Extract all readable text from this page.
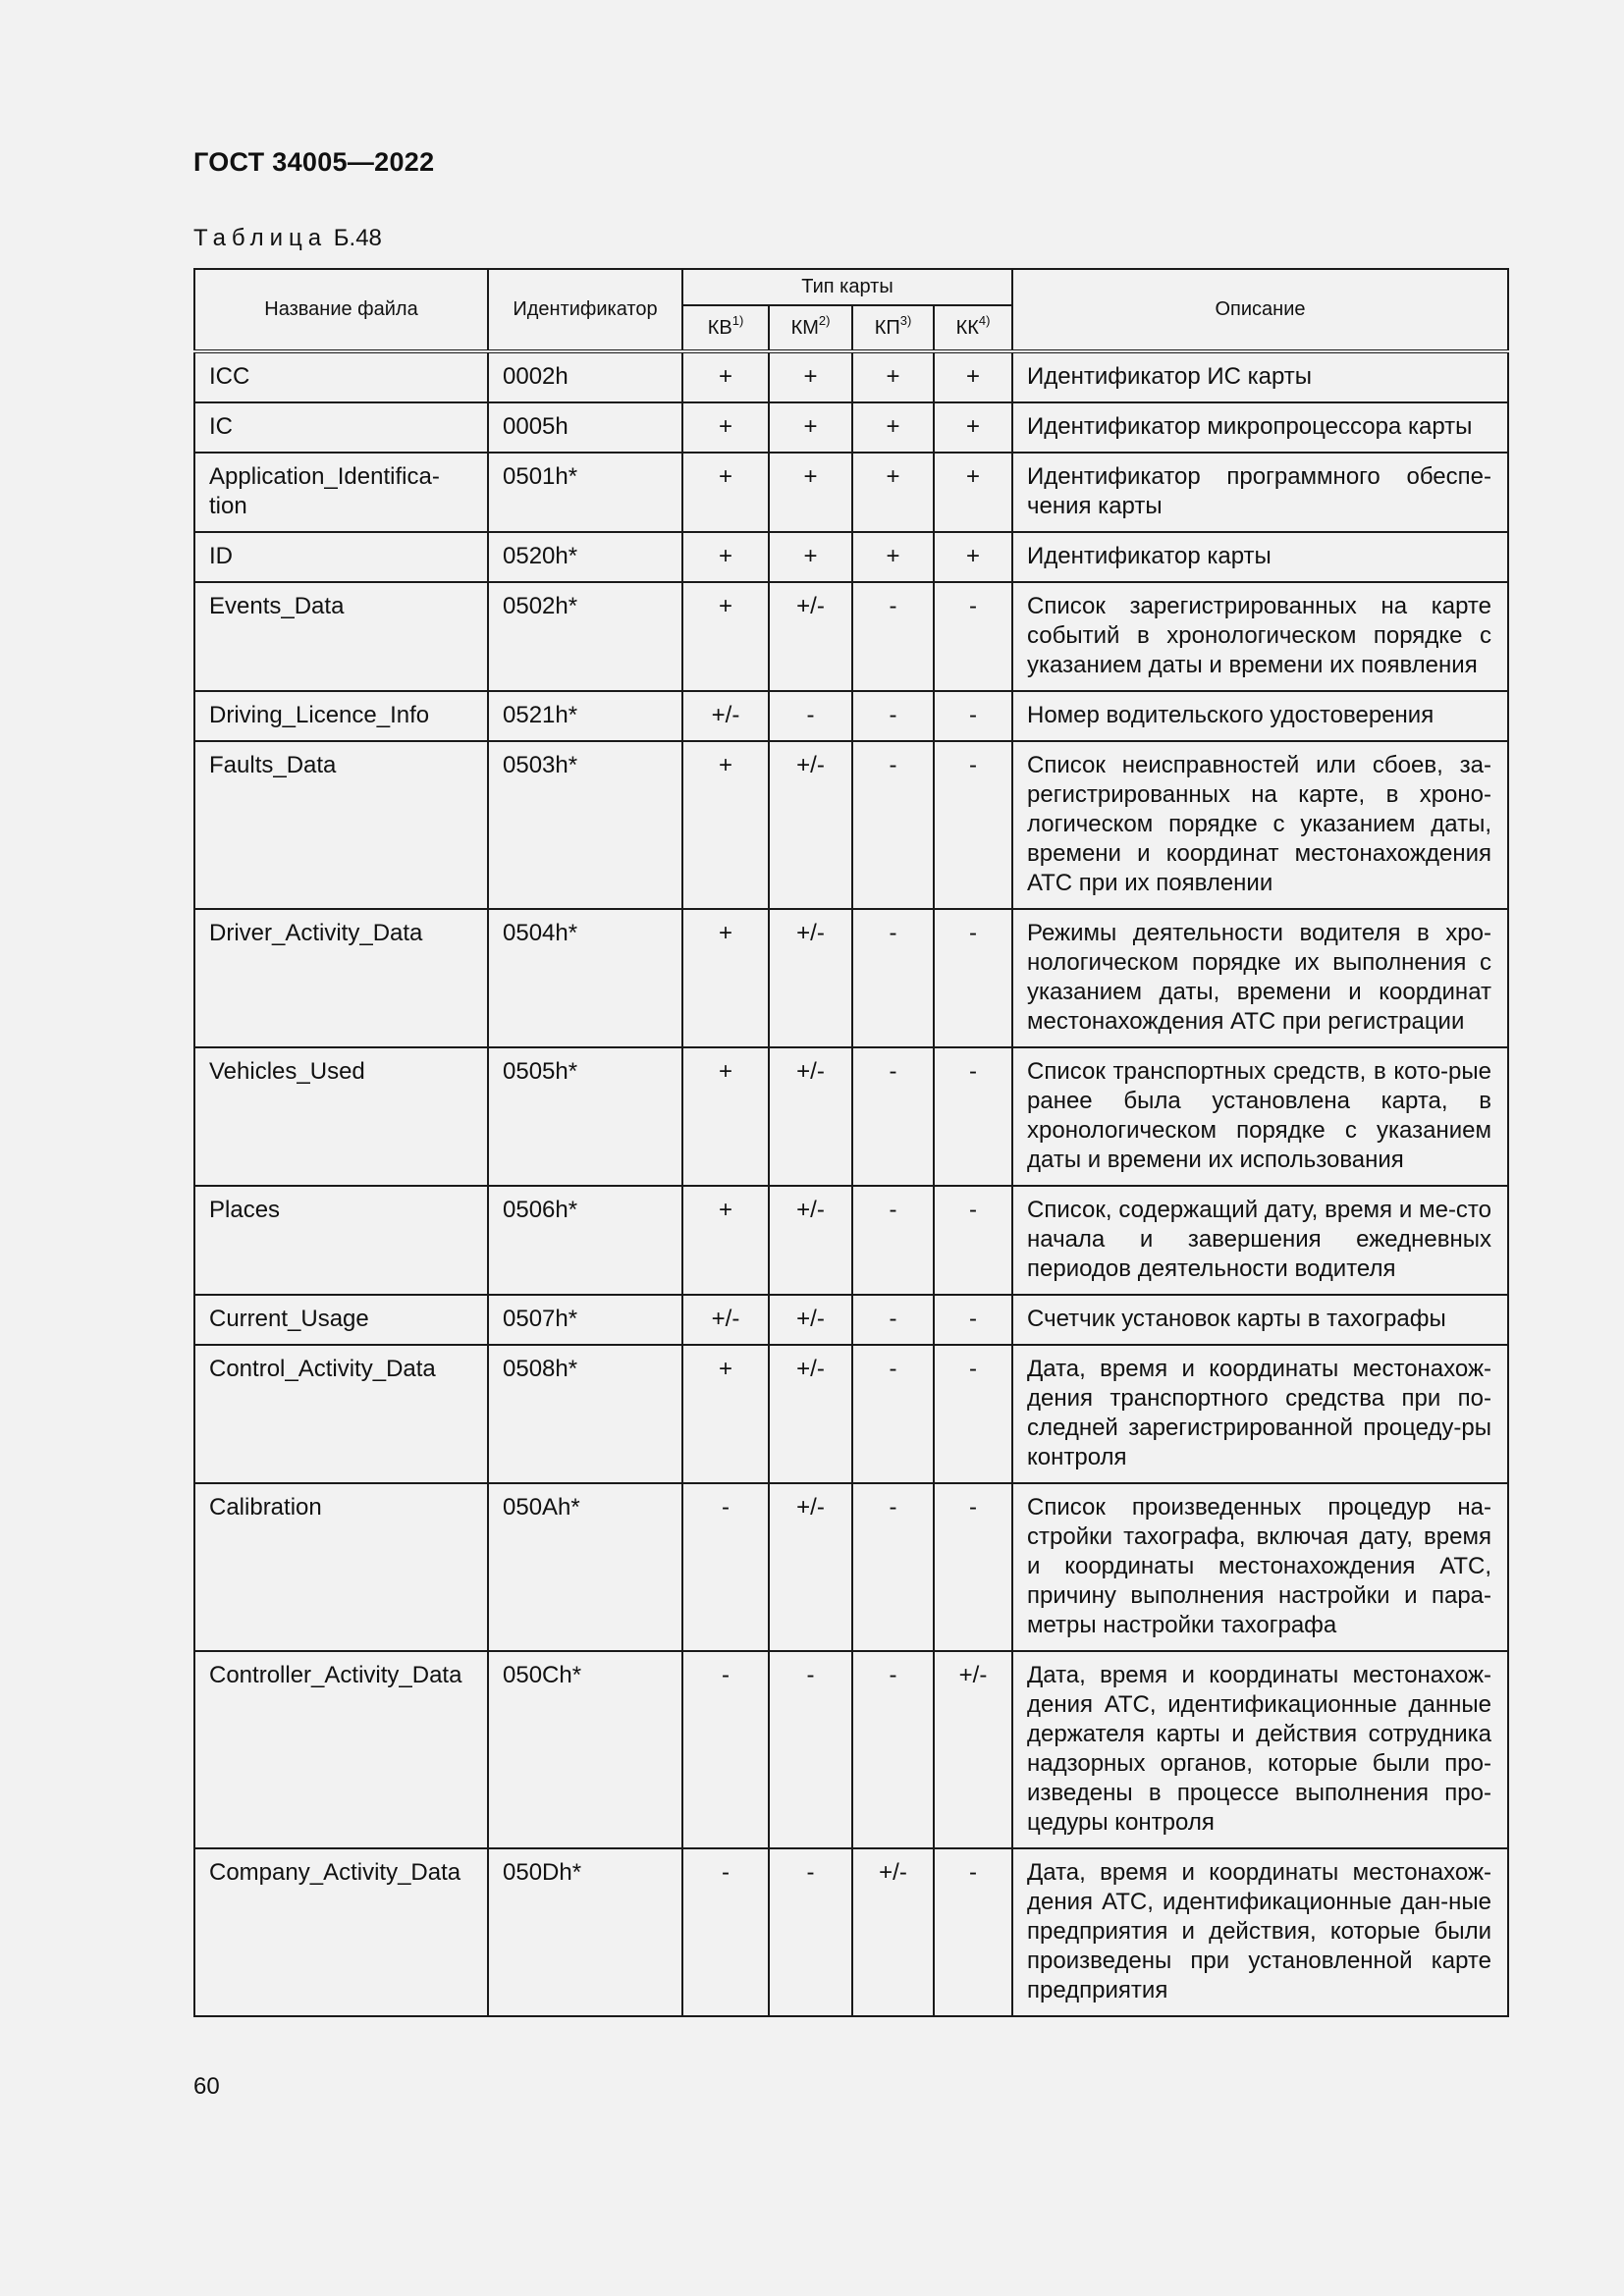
ГОСТ 34005—2022
Таблица Б.48
Название файла	Идентификатор	Тип карты				Описание
		КВ$^{1)}$	КМ$^{2)}$	КП$^{3)}$	КК$^{4)}$
ICC	0002h	+	+	+	+	Идентификатор ИС карты
IC	0005h	+	+	+	+	Идентификатор микропроцессора карты
Application_Identifica-tion	0501h*	+	+	+	+	Идентификатор программного обеспе-чения карты
ID	0520h*	+	+	+	+	Идентификатор карты
Events_Data	0502h*	+	+/-	-	-	Список зарегистрированных на карте событий в хронологическом порядке с указанием даты и времени их появления
Driving_Licence_Info	0521h*	+/-	-	-	-	Номер водительского удостоверения
Faults_Data	0503h*	+	+/-	-	-	Список неисправностей или сбоев, за-регистрированных на карте, в хроно-логическом порядке с указанием даты, времени и координат местонахождения АТС при их появлении
Driver_Activity_Data	0504h*	+	+/-	-	-	Режимы деятельности водителя в хро-нологическом порядке их выполнения с указанием даты, времени и координат местонахождения АТС при регистрации
Vehicles_Used	0505h*	+	+/-	-	-	Список транспортных средств, в кото-рые ранее была установлена карта, в хронологическом порядке с указанием даты и времени их использования
Places	0506h*	+	+/-	-	-	Список, содержащий дату, время и ме-сто начала и завершения ежедневных периодов деятельности водителя
Current_Usage	0507h*	+/-	+/-	-	-	Счетчик установок карты в тахографы
Control_Activity_Data	0508h*	+	+/-	-	-	Дата, время и координаты местонахож-дения транспортного средства при по-следней зарегистрированной процеду-ры контроля
Calibration	050Ah*	-	+/-	-	-	Список произведенных процедур на-стройки тахографа, включая дату, время и координаты местонахождения АТС, причину выполнения настройки и пара-метры настройки тахографа
Controller_Activity_Data	050Ch*	-	-	-	+/-	Дата, время и координаты местонахож-дения АТС, идентификационные данные держателя карты и действия сотрудника надзорных органов, которые были про-изведены в процессе выполнения про-цедуры контроля
Company_Activity_Data	050Dh*	-	-	+/-	-	Дата, время и координаты местонахож-дения АТС, идентификационные дан-ные предприятия и действия, которые были произведены при установленной карте предприятия
60
